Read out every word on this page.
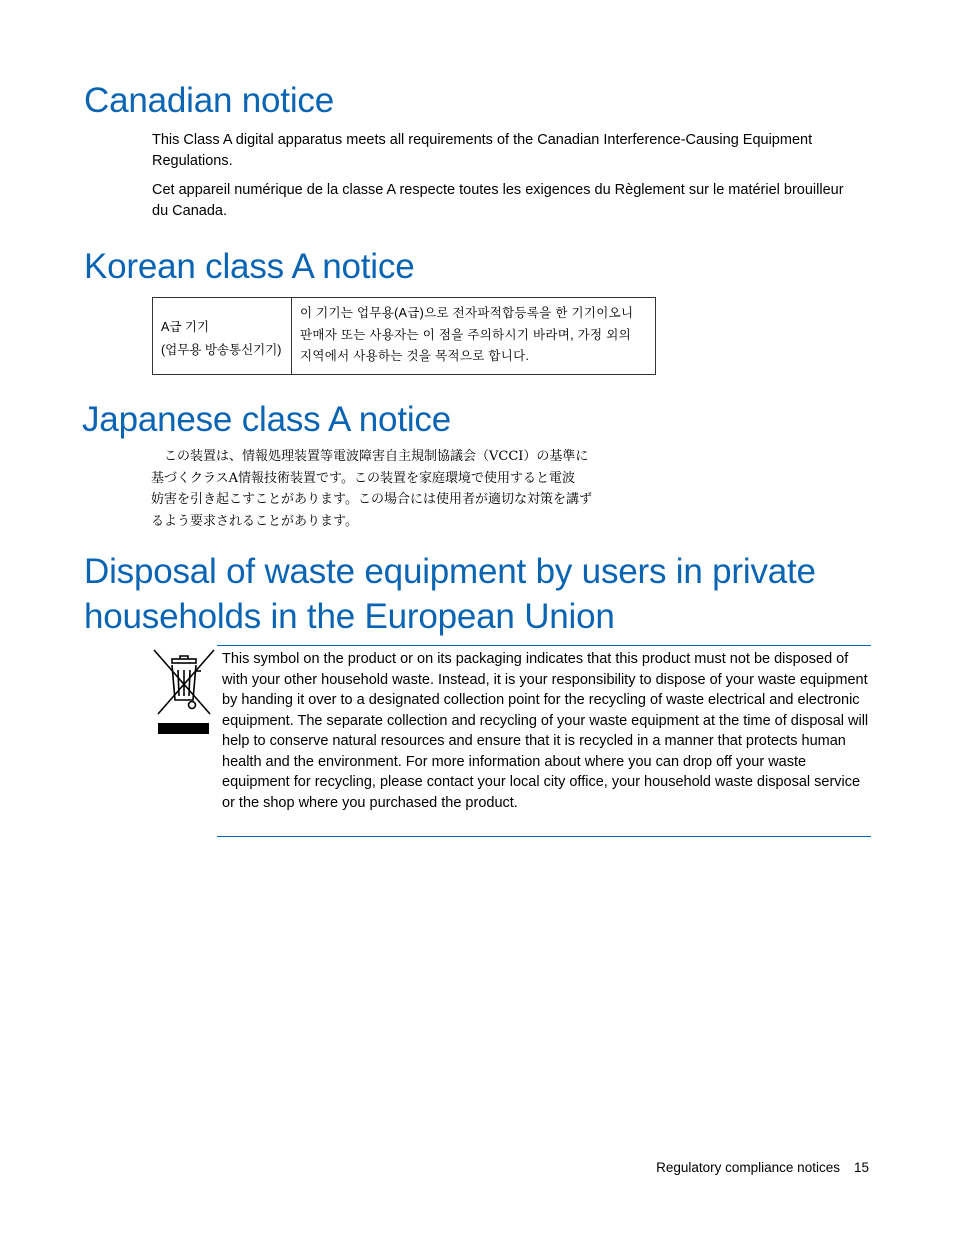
Canadian notice

This Class A digital apparatus meets all requirements of the Canadian Interference-Causing Equipment Regulations.

Cet appareil numérique de la classe A respecte toutes les exigences du Règlement sur le matériel brouilleur du Canada.

Korean class A notice
A급 기기
(업무용 방송통신기기)
이 기기는 업무용(A급)으로 전자파적합등록을 한 기기이오니
판매자 또는 사용자는 이 점을 주의하시기 바라며, 가정 외의
지역에서 사용하는 것을 목적으로 합니다.
Japanese class A notice
この装置は、情報処理装置等電波障害自主規制協議会（VCCI）の基準に
基づくクラスA情報技術装置です。この装置を家庭環境で使用すると電波
妨害を引き起こすことがあります。この場合には使用者が適切な対策を講ず
るよう要求されることがあります。
Disposal of waste equipment by users in private
households in the European Union

This symbol on the product or on its packaging indicates that this product must not be disposed of with your other household waste. Instead, it is your responsibility to dispose of your waste equipment by handing it over to a designated collection point for the recycling of waste electrical and electronic equipment. The separate collection and recycling of your waste equipment at the time of disposal will help to conserve natural resources and ensure that it is recycled in a manner that protects human health and the environment. For more information about where you can drop off your waste equipment for recycling, please contact your local city office, your household waste disposal service or the shop where you purchased the product.

Regulatory compliance notices 15
